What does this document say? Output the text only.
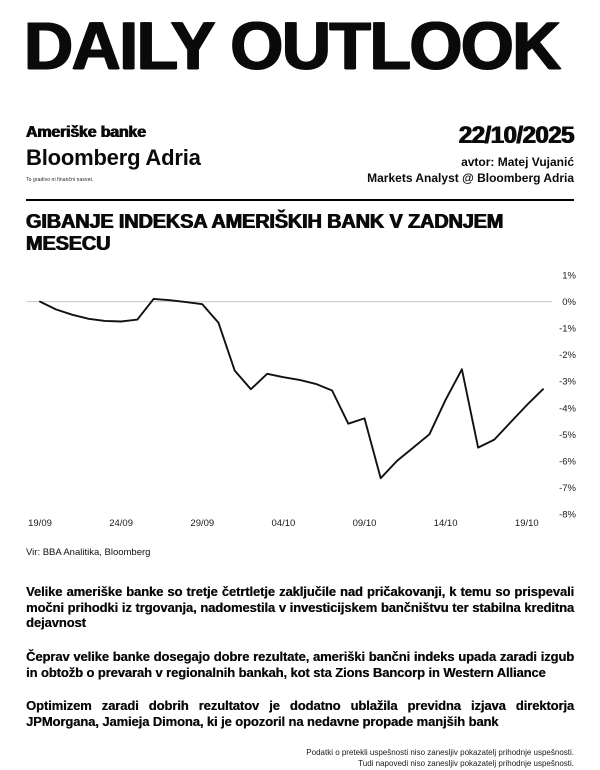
DAILY OUTLOOK
Ameriške banke
Bloomberg Adria
To gradivo ni finančni nasvet.
22/10/2025
avtor: Matej Vujanić
Markets Analyst @ Bloomberg Adria
GIBANJE INDEKSA AMERIŠKIH BANK V ZADNJEM MESECU
1%
0%
-1%
-2%
-3%
-4%
-5%
-6%
-7%
-8%
19/09	24/09	29/09	04/10	09/10	14/10	19/10
Vir: BBA Analitika, Bloomberg

Velike ameriške banke so tretje četrtletje zaključile nad pričakovanji, k temu so prispevali močni prihodki iz trgovanja, nadomestila v investicijskem bančništvu ter stabilna kreditna dejavnost

Čeprav velike banke dosegajo dobre rezultate, ameriški bančni indeks upada zaradi izgub in obtožb o prevarah v regionalnih bankah, kot sta Zions Bancorp in Western Alliance

Optimizem zaradi dobrih rezultatov je dodatno ublažila previdna izjava direktorja JPMorgana, Jamieja Dimona, ki je opozoril na nedavne propade manjših bank

Podatki o pretekli uspešnosti niso zanesljiv pokazatelj prihodnje uspešnosti.
Tudi napovedi niso zanesljiv pokazatelj prihodnje uspešnosti.
